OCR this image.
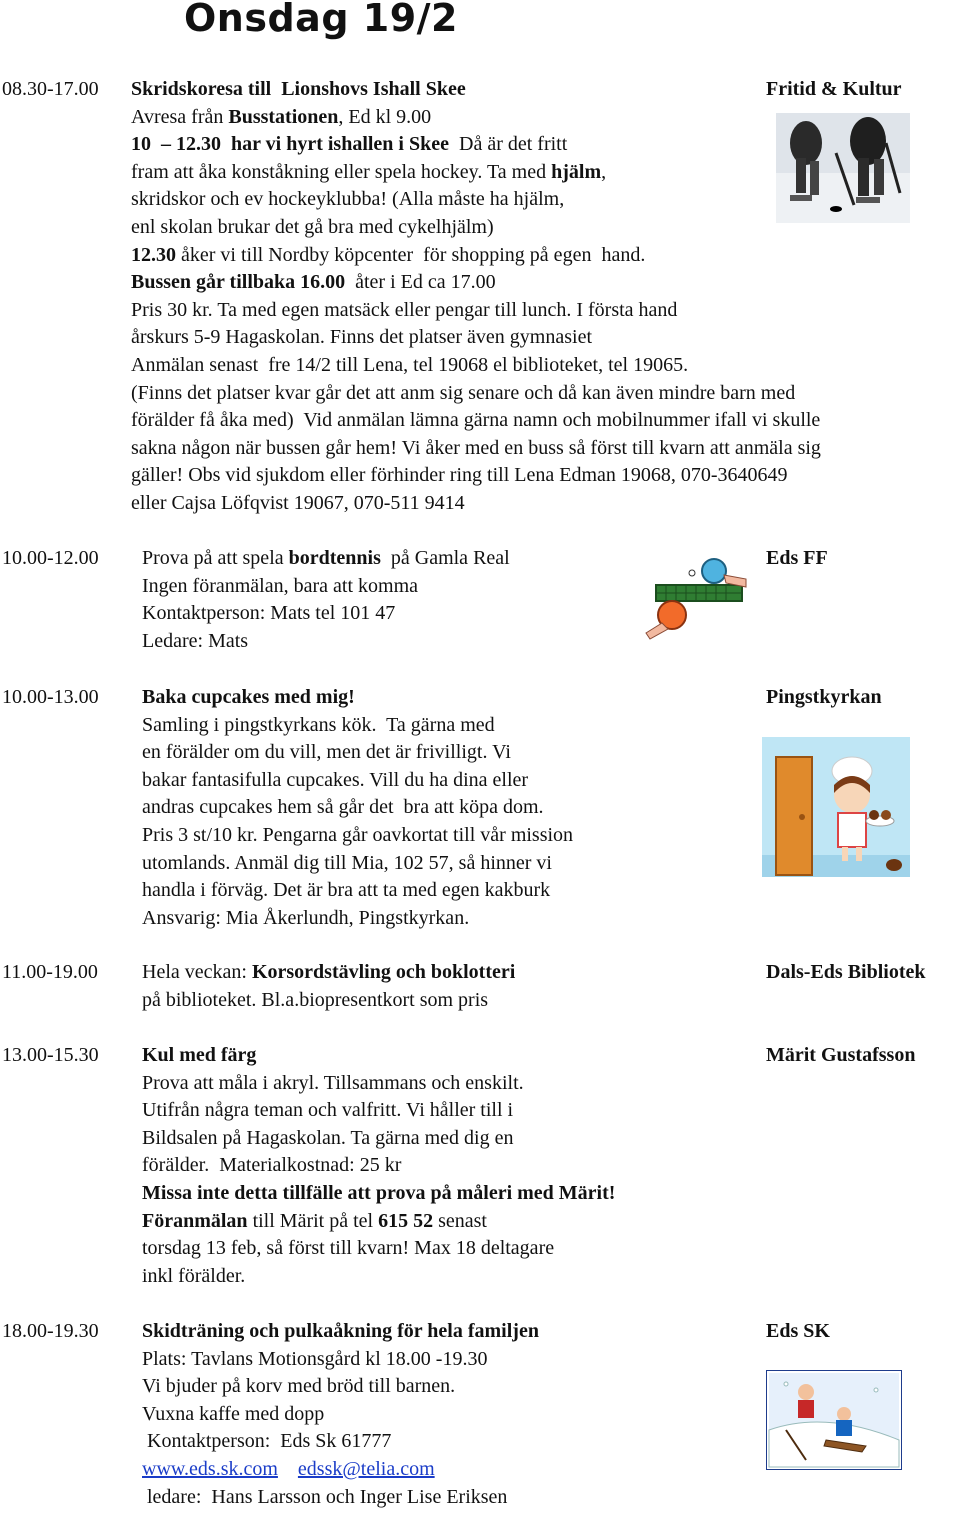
Onsdag 19/2
08.30-17.00	Fritid & Kultur
Skridskoresa till  Lionshovs Ishall Skee
Avresa från Busstationen, Ed kl 9.00
10  – 12.30  har vi hyrt ishallen i Skee  Då är det fritt
fram att åka konståkning eller spela hockey. Ta med hjälm,
skridskor och ev hockeyklubba! (Alla måste ha hjälm,
enl skolan brukar det gå bra med cykelhjälm)
12.30 åker vi till Nordby köpcenter  för shopping på egen  hand.
Bussen går tillbaka 16.00  åter i Ed ca 17.00
Pris 30 kr. Ta med egen matsäck eller pengar till lunch. I första hand
årskurs 5-9 Hagaskolan. Finns det platser även gymnasiet
Anmälan senast  fre 14/2 till Lena, tel 19068 el biblioteket, tel 19065.
(Finns det platser kvar går det att anm sig senare och då kan även mindre barn med
förälder få åka med)  Vid anmälan lämna gärna namn och mobilnummer ifall vi skulle
sakna någon när bussen går hem! Vi åker med en buss så först till kvarn att anmäla sig
gäller! Obs vid sjukdom eller förhinder ring till Lena Edman 19068, 070-3640649
eller Cajsa Löfqvist 19067, 070-511 9414
10.00-12.00	Eds FF
Prova på att spela bordtennis  på Gamla Real
Ingen föranmälan, bara att komma
Kontaktperson: Mats tel 101 47
Ledare: Mats
10.00-13.00	Pingstkyrkan
Baka cupcakes med mig!
Samling i pingstkyrkans kök.  Ta gärna med
en förälder om du vill, men det är frivilligt. Vi
bakar fantasifulla cupcakes. Vill du ha dina eller
andras cupcakes hem så går det  bra att köpa dom.
Pris 3 st/10 kr. Pengarna går oavkortat till vår mission
utomlands. Anmäl dig till Mia, 102 57, så hinner vi
handla i förväg. Det är bra att ta med egen kakburk
Ansvarig: Mia Åkerlundh, Pingstkyrkan.
11.00-19.00	Dals-Eds Bibliotek
Hela veckan: Korsordstävling och boklotteri
på biblioteket. Bl.a.biopresentkort som pris
13.00-15.30	Märit Gustafsson
Kul med färg
Prova att måla i akryl. Tillsammans och enskilt.
Utifrån några teman och valfritt. Vi håller till i
Bildsalen på Hagaskolan. Ta gärna med dig en
förälder.  Materialkostnad: 25 kr
Missa inte detta tillfälle att prova på måleri med Märit!
Föranmälan till Märit på tel 615 52 senast
torsdag 13 feb, så först till kvarn! Max 18 deltagare
inkl förälder.
18.00-19.30	Eds SK
Skidträning och pulkaåkning för hela familjen
Plats: Tavlans Motionsgård kl 18.00 -19.30
Vi bjuder på korv med bröd till barnen.
Vuxna kaffe med dopp
Kontaktperson:  Eds Sk 61777
www.eds.sk.com edssk@telia.com
ledare:  Hans Larsson och Inger Lise Eriksen
